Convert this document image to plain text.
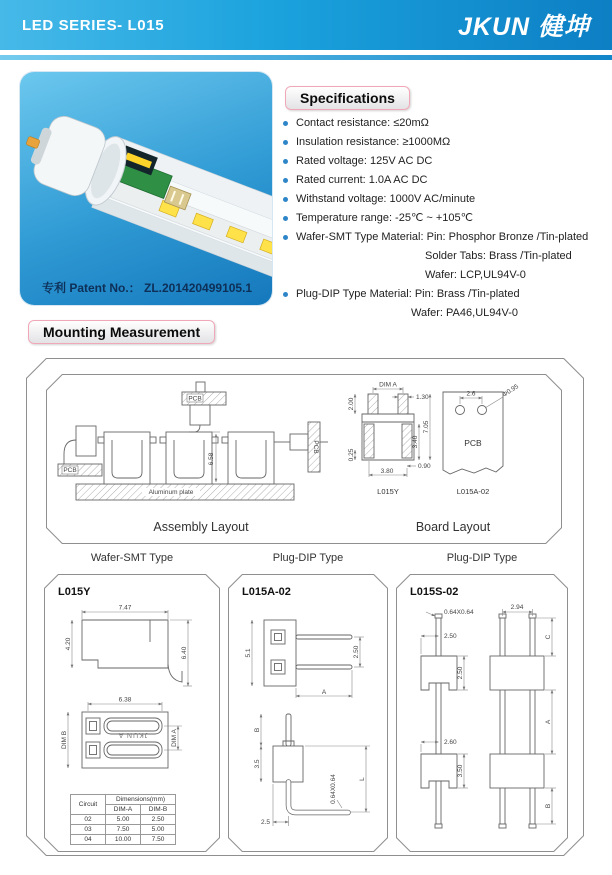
LED SERIES- L015	JKUN 健坤
专利 Patent No.： ZL.201420499105.1
Specifications
Contact resistance: ≤20mΩ
Insulation resistance: ≥1000MΩ
Rated voltage: 125V AC DC
Rated current: 1.0A AC DC
Withstand voltage: 1000V AC/minute
Temperature range: -25℃ ~ +105℃
Wafer-SMT Type Material: Pin: Phosphor Bronze /Tin-plated
Solder Tabs: Brass /Tin-plated
Wafer: LCP,UL94V-0
Plug-DIP Type Material: Pin: Brass /Tin-plated
Wafer: PA46,UL94V-0
Mounting Measurement
Aluminum plate
PCB
PCB
PCB
6.58
Assembly Layout
DIM A
1.30
2.00
7.05
3.40
0.25
0.90
3.80
L015Y
2.6	Φ0.95
PCB
L015A-02
Board Layout
Wafer-SMT Type	Plug-DIP Type	Plug-DIP Type
L015Y	L015A-02	L015S-02
7.47
4.20
6.40
6.38
JKUN A
DIM B	DIM A
Circuit	Dimensions(mm)	
	DIM-A	DIM-B
02	5.00	2.50
03	7.50	5.00
04	10.00	7.50
5.1	2.50
A
B
3.5
2.5
0.64X0.64	L
0.64X0.64
2.50
2.50
2.60
3.50
2.94
C
A
B
